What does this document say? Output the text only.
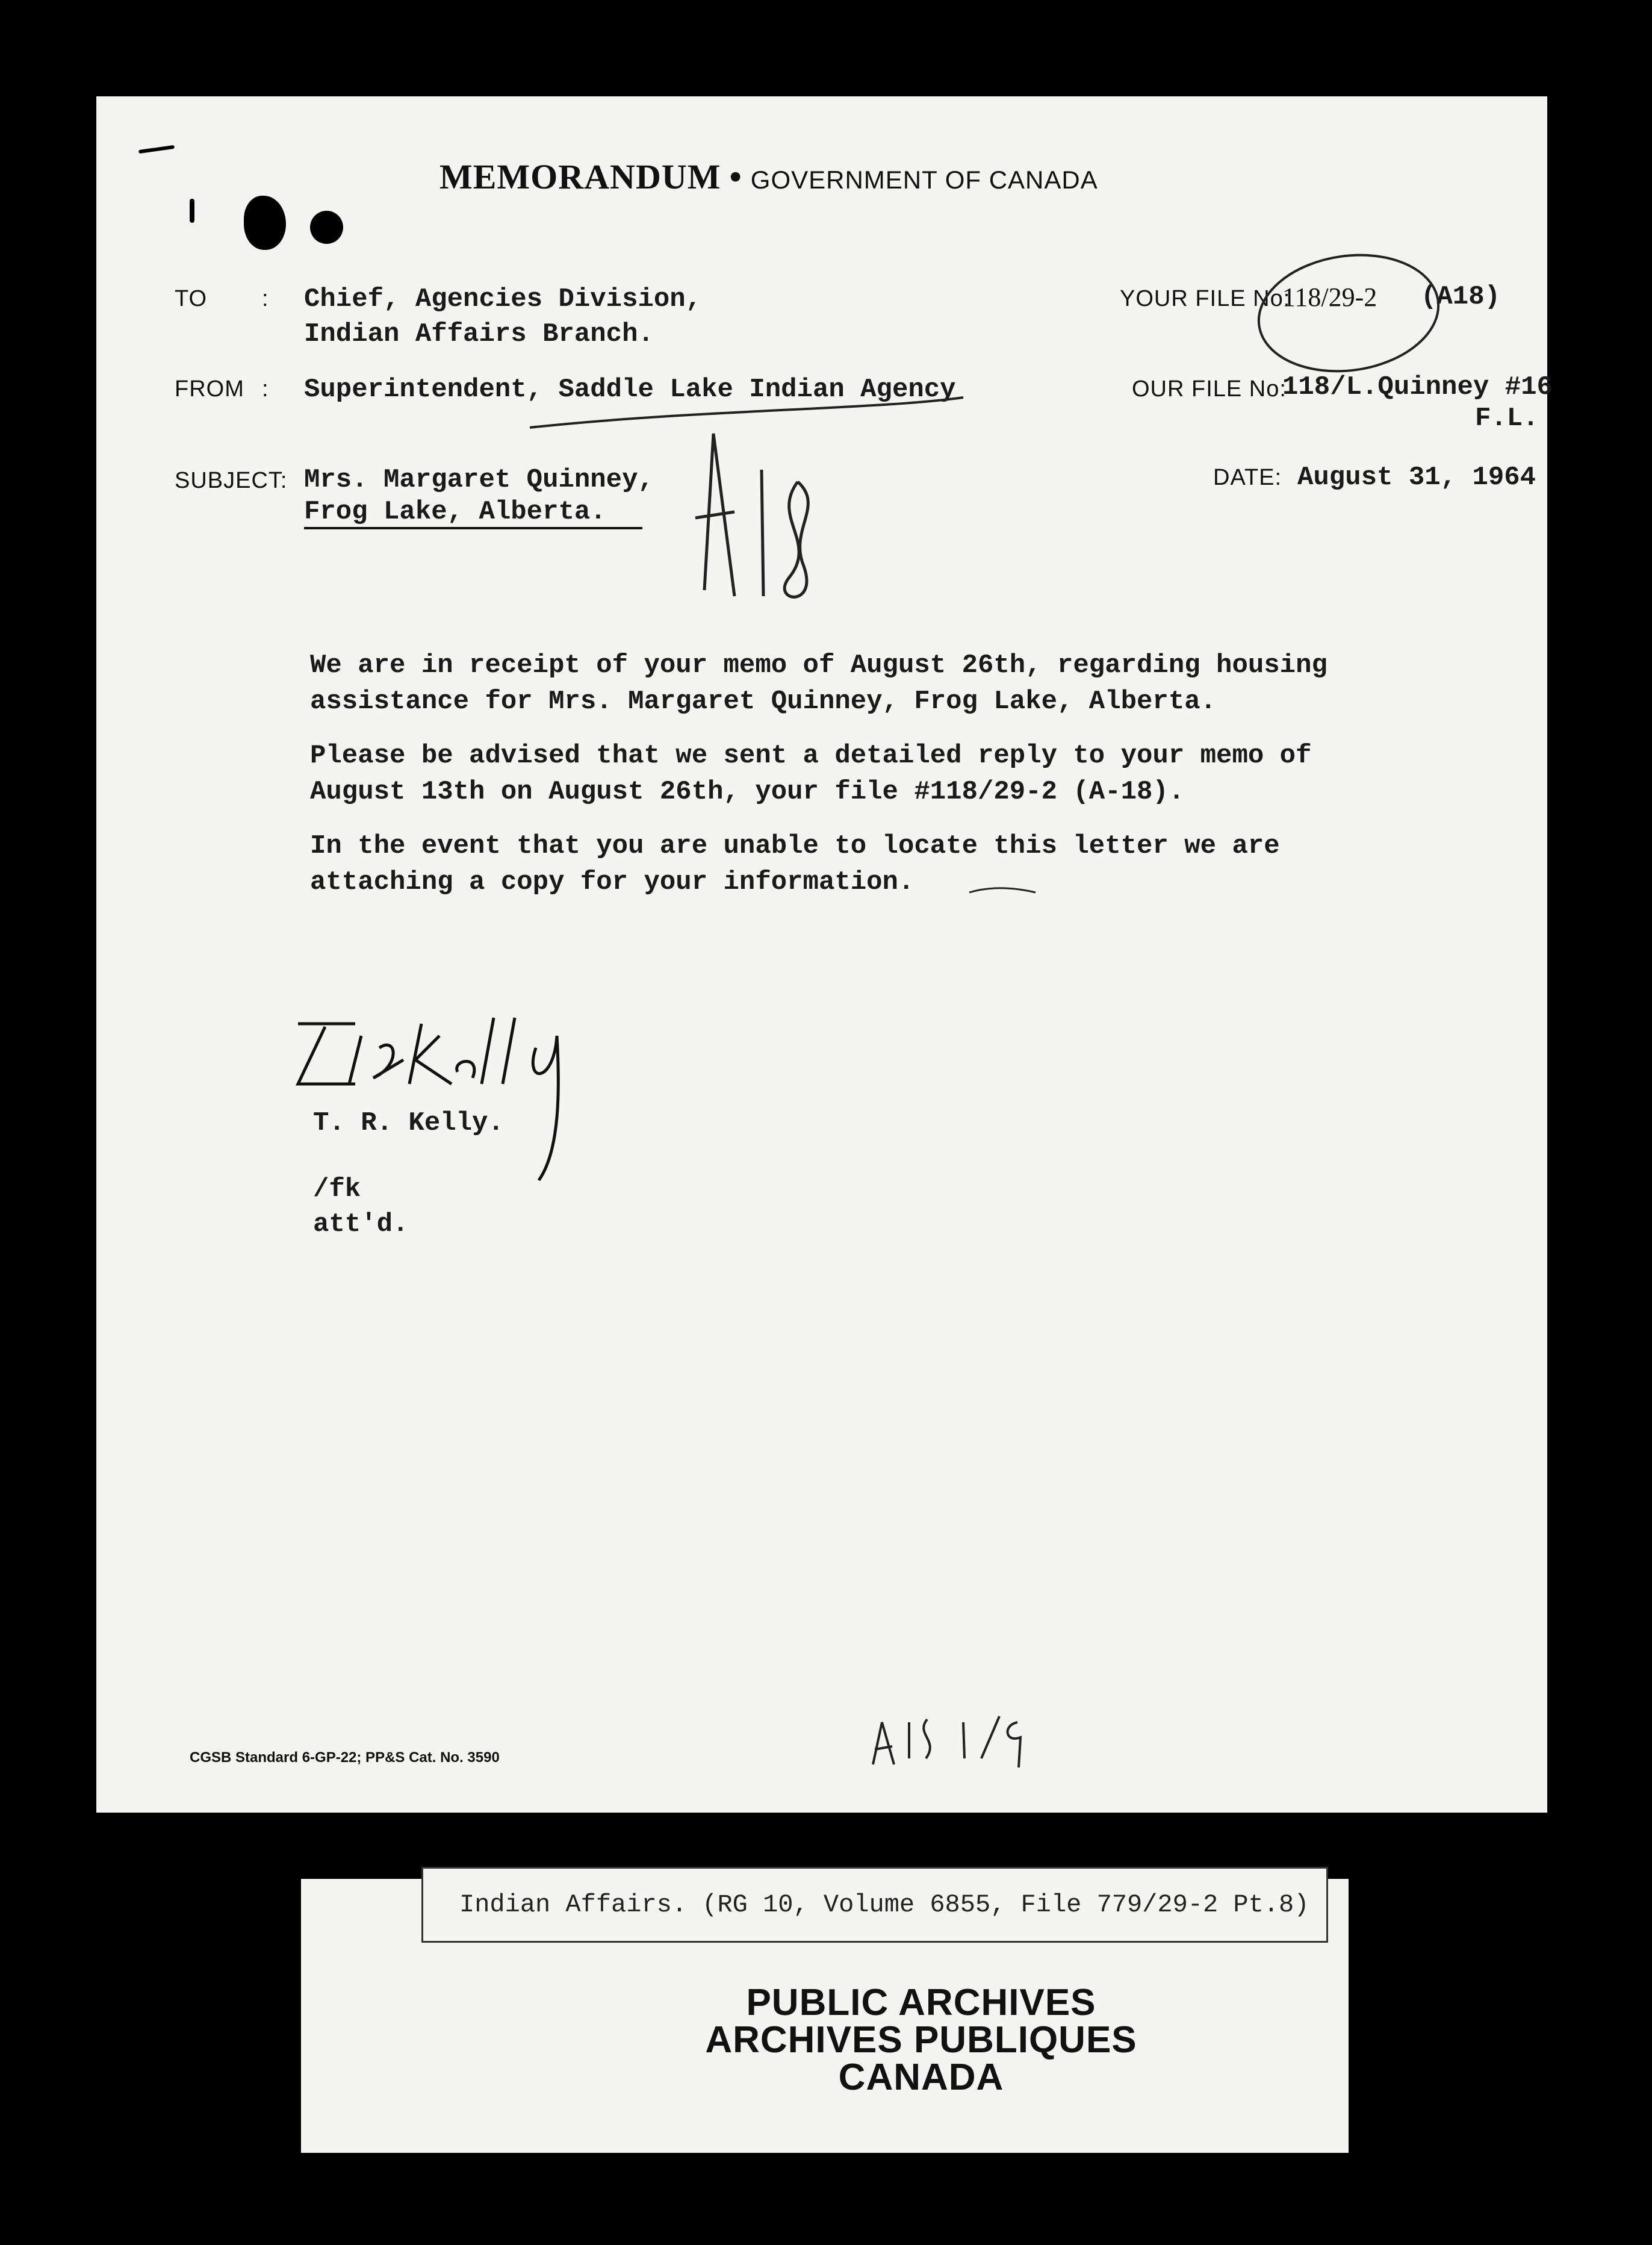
MEMORANDUM • GOVERNMENT OF CANADA
TO : Chief, Agencies Division,
Indian Affairs Branch.
FROM : Superintendent, Saddle Lake Indian Agency
SUBJECT: Mrs. Margaret Quinney,
Frog Lake, Alberta.
YOUR FILE No:
118/29-2 (A18)
OUR FILE No:
118/L.Quinney #16
F.L.
DATE: August 31, 1964
We are in receipt of your memo of August 26th, regarding housing
assistance for Mrs. Margaret Quinney, Frog Lake, Alberta.
Please be advised that we sent a detailed reply to your memo of
August 13th on August 26th, your file #118/29-2 (A-18).
In the event that you are unable to locate this letter we are
attaching a copy for your information.
T. R. Kelly.
/fk
att'd.
CGSB Standard 6-GP-22; PP&S Cat. No. 3590
Indian Affairs. (RG 10, Volume 6855, File 779/29-2 Pt.8)
PUBLIC ARCHIVES
ARCHIVES PUBLIQUES
CANADA
